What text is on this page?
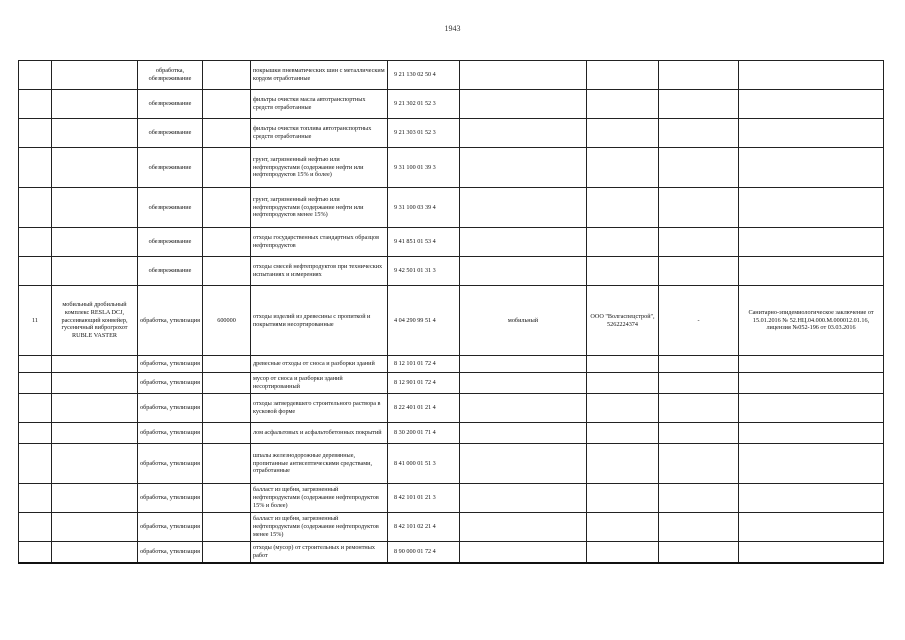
1943
		обработка, обезвреживание		покрышки пневматических шин с металлическим кордом отработанные	9 21 130 02 50 4				
		обезвреживание		фильтры очистки масла автотранспортных средств отработанные	9 21 302 01 52 3				
		обезвреживание		фильтры очистки топлива автотранспортных средств отработанные	9 21 303 01 52 3				
		обезвреживание		грунт, загрязненный нефтью или нефтепродуктами (содержание нефти или нефтепродуктов 15% и более)	9 31 100 01 39 3				
		обезвреживание		грунт, загрязненный нефтью или нефтепродуктами (содержание нефти или нефтепродуктов менее 15%)	9 31 100 03 39 4				
		обезвреживание		отходы государственных стандартных образцов нефтепродуктов	9 41 851 01 53 4				
		обезвреживание		отходы смесей нефтепродуктов при технических испытаниях и измерениях	9 42 501 01 31 3				
11	мобильный дробильный комплекс RESLA DCJ, рассеивающий конвейер, гусеничный виброгрохот RUBLE VASTER	обработка, утилизация	600000	отходы изделий из древесины с пропиткой и покрытиями несортированные	4 04 290 99 51 4	мобильный	ООО "Волгаспецстрой", 5262224374	-	Санитарно-эпидемиологическое заключение от 15.01.2016 № 52.НЦ.04.000.М.000012.01.16, лицензия №052-196 от 03.03.2016
		обработка, утилизация		древесные отходы от сноса и разборки зданий	8 12 101 01 72 4				
		обработка, утилизация		мусор от сноса и разборки зданий несортированный	8 12 901 01 72 4				
		обработка, утилизация		отходы затвердевшего строительного раствора в кусковой форме	8 22 401 01 21 4				
		обработка, утилизация		лом асфальтовых и асфальтобетонных покрытий	8 30 200 01 71 4				
		обработка, утилизация		шпалы железнодорожные деревянные, пропитанные антисептическими средствами, отработанные	8 41 000 01 51 3				
		обработка, утилизация		балласт из щебня, загрязненный нефтепродуктами (содержание нефтепродуктов 15% и более)	8 42 101 01 21 3				
		обработка, утилизация		балласт из щебня, загрязненный нефтепродуктами (содержание нефтепродуктов менее 15%)	8 42 101 02 21 4				
		обработка, утилизация		отходы (мусор) от строительных и ремонтных работ	8 90 000 01 72 4				
